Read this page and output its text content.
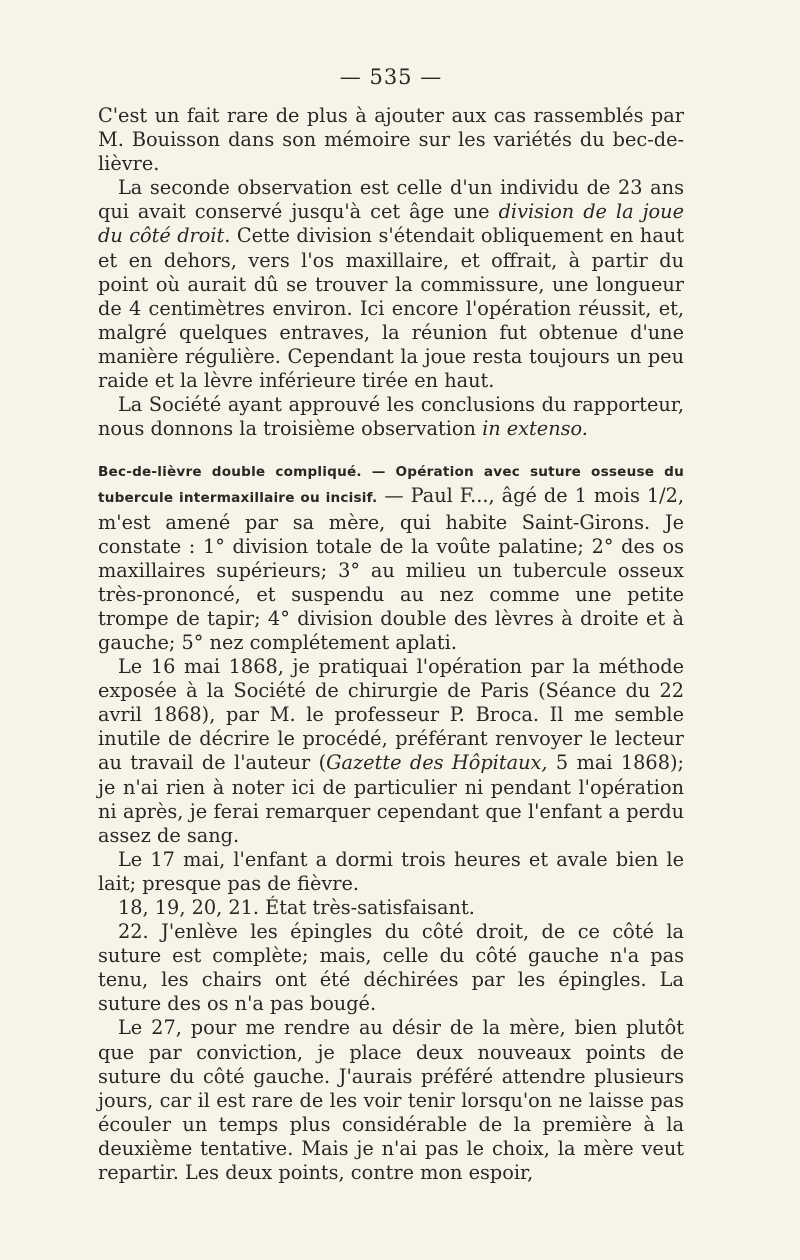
— 535 —

C'est un fait rare de plus à ajouter aux cas rassemblés par M. Bouisson dans son mémoire sur les variétés du bec-de-lièvre.

La seconde observation est celle d'un individu de 23 ans qui avait conservé jusqu'à cet âge une division de la joue du côté droit. Cette division s'étendait obliquement en haut et en dehors, vers l'os maxillaire, et offrait, à partir du point où aurait dû se trouver la commissure, une longueur de 4 centimètres environ. Ici encore l'opération réussit, et, malgré quelques entraves, la réunion fut obtenue d'une manière régulière. Cependant la joue resta toujours un peu raide et la lèvre inférieure tirée en haut.

La Société ayant approuvé les conclusions du rapporteur, nous donnons la troisième observation in extenso.

Bec-de-lièvre double compliqué. — Opération avec suture osseuse du tubercule intermaxillaire ou incisif. — Paul F..., âgé de 1 mois 1/2, m'est amené par sa mère, qui habite Saint-Girons. Je constate : 1° division totale de la voûte palatine; 2° des os maxillaires supérieurs; 3° au milieu un tubercule osseux très-prononcé, et suspendu au nez comme une petite trompe de tapir; 4° division double des lèvres à droite et à gauche; 5° nez complétement aplati.

Le 16 mai 1868, je pratiquai l'opération par la méthode exposée à la Société de chirurgie de Paris (Séance du 22 avril 1868), par M. le professeur P. Broca. Il me semble inutile de décrire le procédé, préférant renvoyer le lecteur au travail de l'auteur (Gazette des Hôpitaux, 5 mai 1868); je n'ai rien à noter ici de particulier ni pendant l'opération ni après, je ferai remarquer cependant que l'enfant a perdu assez de sang.

Le 17 mai, l'enfant a dormi trois heures et avale bien le lait; presque pas de fièvre.

18, 19, 20, 21. État très-satisfaisant.

22. J'enlève les épingles du côté droit, de ce côté la suture est complète; mais, celle du côté gauche n'a pas tenu, les chairs ont été déchirées par les épingles. La suture des os n'a pas bougé.

Le 27, pour me rendre au désir de la mère, bien plutôt que par conviction, je place deux nouveaux points de suture du côté gauche. J'aurais préféré attendre plusieurs jours, car il est rare de les voir tenir lorsqu'on ne laisse pas écouler un temps plus considérable de la première à la deuxième tentative. Mais je n'ai pas le choix, la mère veut repartir. Les deux points, contre mon espoir,
